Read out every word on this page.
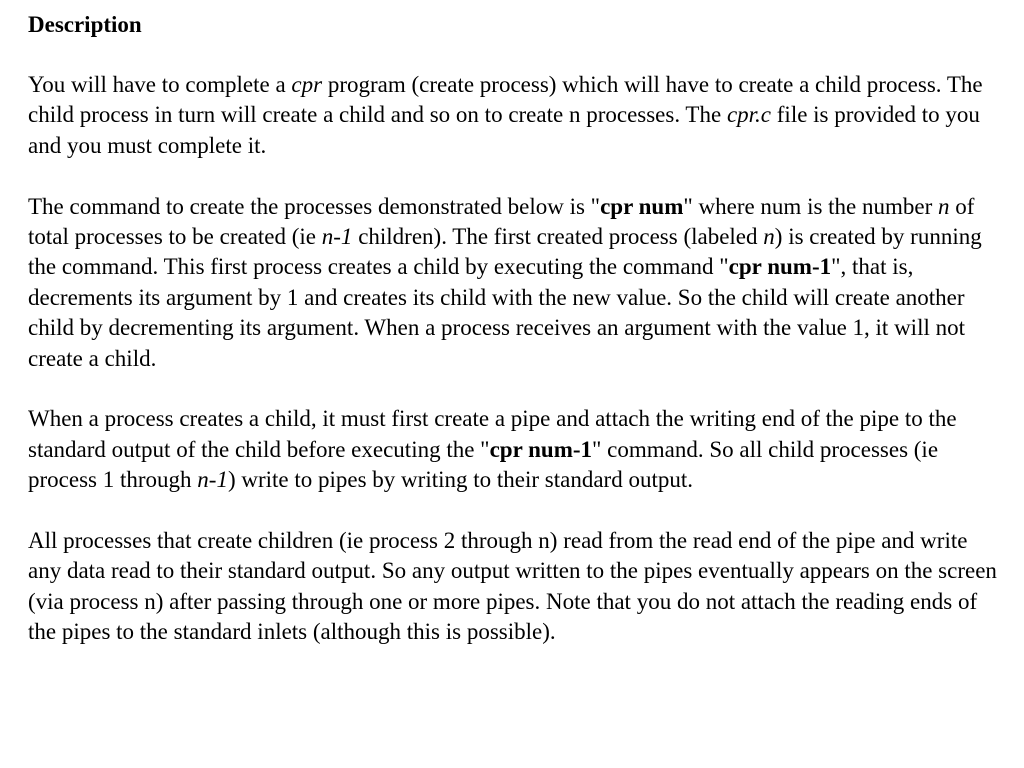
Description

You will have to complete a cpr program (create process) which will have to create a child process. The child process in turn will create a child and so on to create n processes. The cpr.c file is provided to you and you must complete it.

The command to create the processes demonstrated below is "cpr num" where num is the number n of total processes to be created (ie n-1 children). The first created process (labeled n) is created by running the command. This first process creates a child by executing the command "cpr num-1", that is, decrements its argument by 1 and creates its child with the new value. So the child will create another child by decrementing its argument. When a process receives an argument with the value 1, it will not create a child.

When a process creates a child, it must first create a pipe and attach the writing end of the pipe to the standard output of the child before executing the "cpr num-1" command. So all child processes (ie process 1 through n-1) write to pipes by writing to their standard output.

All processes that create children (ie process 2 through n) read from the read end of the pipe and write any data read to their standard output. So any output written to the pipes eventually appears on the screen (via process n) after passing through one or more pipes. Note that you do not attach the reading ends of the pipes to the standard inlets (although this is possible).
